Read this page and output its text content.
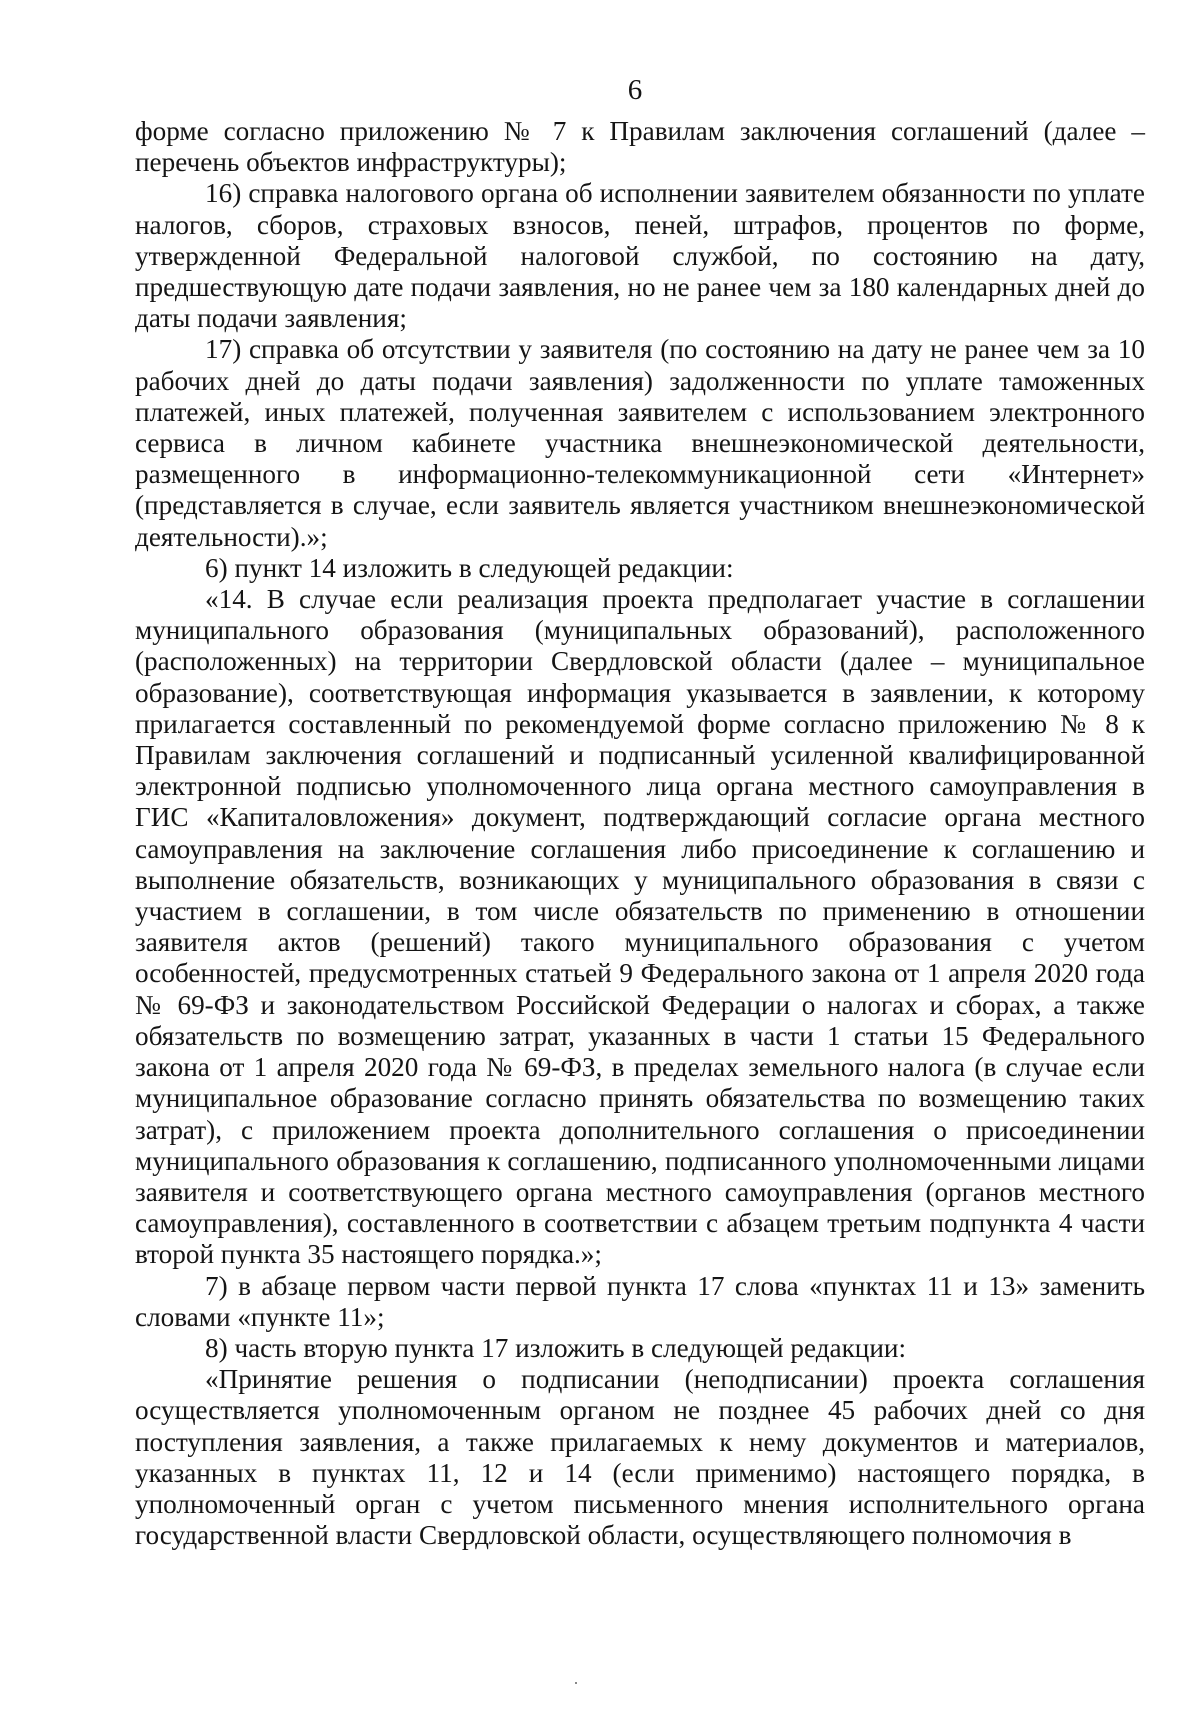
6

форме согласно приложению № 7 к Правилам заключения соглашений (далее – перечень объектов инфраструктуры);

16) справка налогового органа об исполнении заявителем обязанности по уплате налогов, сборов, страховых взносов, пеней, штрафов, процентов по форме, утвержденной Федеральной налоговой службой, по состоянию на дату, предшествующую дате подачи заявления, но не ранее чем за 180 календарных дней до даты подачи заявления;

17) справка об отсутствии у заявителя (по состоянию на дату не ранее чем за 10 рабочих дней до даты подачи заявления) задолженности по уплате таможенных платежей, иных платежей, полученная заявителем с использованием электронного сервиса в личном кабинете участника внешнеэкономической деятельности, размещенного в информационно-телекоммуникационной сети «Интернет» (представляется в случае, если заявитель является участником внешнеэкономической деятельности).»;

6) пункт 14 изложить в следующей редакции:

«14. В случае если реализация проекта предполагает участие в соглашении муниципального образования (муниципальных образований), расположенного (расположенных) на территории Свердловской области (далее – муниципальное образование), соответствующая информация указывается в заявлении, к которому прилагается составленный по рекомендуемой форме согласно приложению № 8 к Правилам заключения соглашений и подписанный усиленной квалифицированной электронной подписью уполномоченного лица органа местного самоуправления в ГИС «Капиталовложения» документ, подтверждающий согласие органа местного самоуправления на заключение соглашения либо присоединение к соглашению и выполнение обязательств, возникающих у муниципального образования в связи с участием в соглашении, в том числе обязательств по применению в отношении заявителя актов (решений) такого муниципального образования с учетом особенностей, предусмотренных статьей 9 Федерального закона от 1 апреля 2020 года № 69-ФЗ и законодательством Российской Федерации о налогах и сборах, а также обязательств по возмещению затрат, указанных в части 1 статьи 15 Федерального закона от 1 апреля 2020 года № 69-ФЗ, в пределах земельного налога (в случае если муниципальное образование согласно принять обязательства по возмещению таких затрат), с приложением проекта дополнительного соглашения о присоединении муниципального образования к соглашению, подписанного уполномоченными лицами заявителя и соответствующего органа местного самоуправления (органов местного самоуправления), составленного в соответствии с абзацем третьим подпункта 4 части второй пункта 35 настоящего порядка.»;

7) в абзаце первом части первой пункта 17 слова «пунктах 11 и 13» заменить словами «пункте 11»;

8) часть вторую пункта 17 изложить в следующей редакции:

«Принятие решения о подписании (неподписании) проекта соглашения осуществляется уполномоченным органом не позднее 45 рабочих дней со дня поступления заявления, а также прилагаемых к нему документов и материалов, указанных в пунктах 11, 12 и 14 (если применимо) настоящего порядка, в уполномоченный орган с учетом письменного мнения исполнительного органа государственной власти Свердловской области, осуществляющего полномочия в
